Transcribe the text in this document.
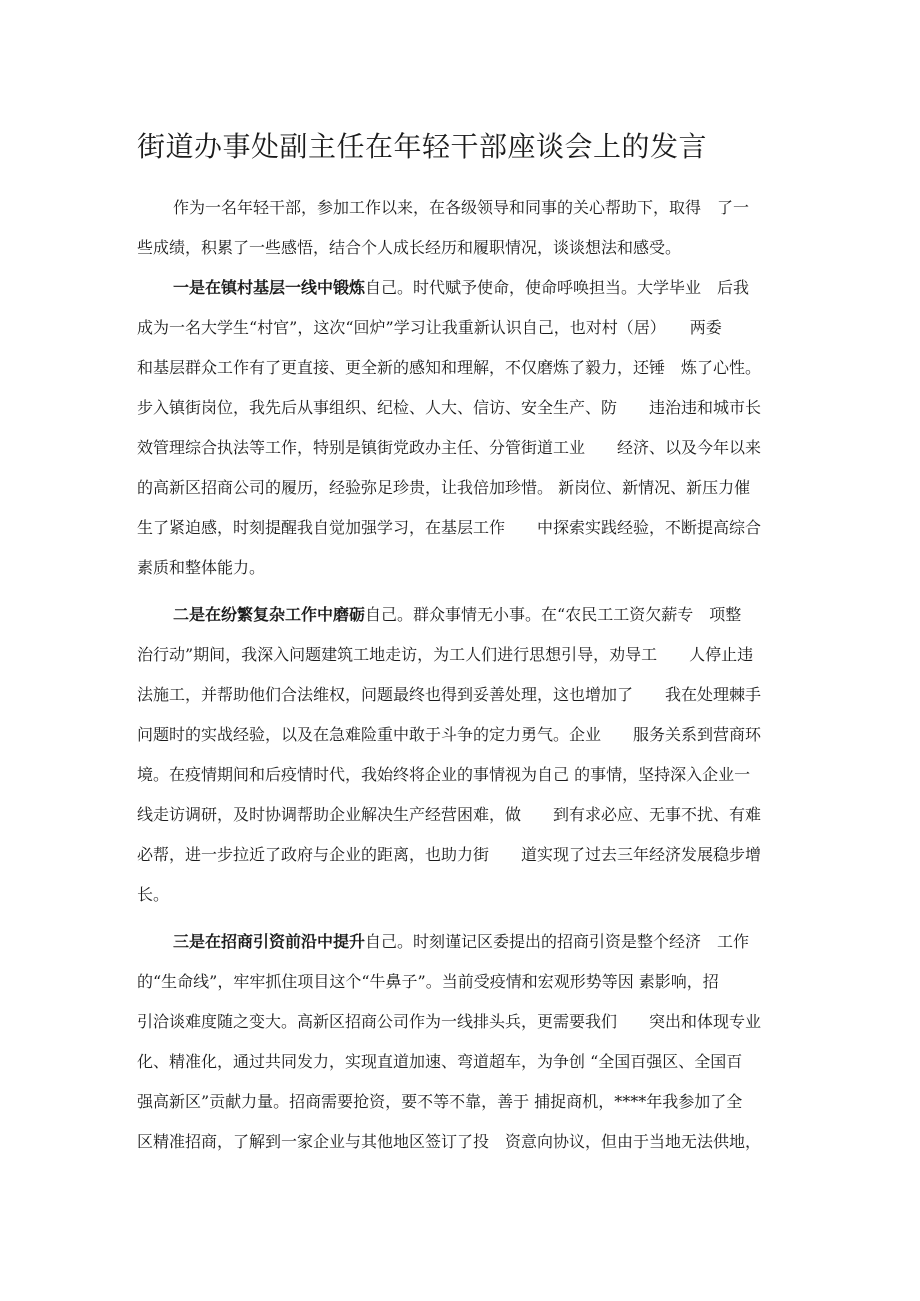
街道办事处副主任在年轻干部座谈会上的发言
作为一名年轻干部，参加工作以来，在各级领导和同事的关心帮助下，取得　了一
些成绩，积累了一些感悟，结合个人成长经历和履职情况，谈谈想法和感受。
一是在镇村基层一线中锻炼 自己。时代赋予使命，使命呼唤担当。大学毕业　后我
成为一名大学生“村官”，这次“回炉”学习让我重新认识自己，也对村（居）　　两委
和基层群众工作有了更直接、更全新的感知和理解，不仅磨炼了毅力，还锤　炼了心性。
步入镇街岗位，我先后从事组织、纪检、人大、信访、安全生产、防　　违治违和城市长
效管理综合执法等工作，特别是镇街党政办主任、分管街道工业　　经济、以及今年以来
的高新区招商公司的履历，经验弥足珍贵，让我倍加珍惜。 新岗位、新情况、新压力催
生了紧迫感，时刻提醒我自觉加强学习，在基层工作　　中探索实践经验，不断提高综合
素质和整体能力。
二是在纷繁复杂工作中磨砺 自己。群众事情无小事。在“农民工工资欠薪专　项整
治行动”期间，我深入问题建筑工地走访，为工人们进行思想引导，劝导工　　人停止违
法施工，并帮助他们合法维权，问题最终也得到妥善处理，这也增加了　　我在处理棘手
问题时的实战经验，以及在急难险重中敢于斗争的定力勇气。企业　　服务关系到营商环
境。在疫情期间和后疫情时代，我始终将企业的事情视为自己 的事情，坚持深入企业一
线走访调研，及时协调帮助企业解决生产经营困难，做　　到有求必应、无事不扰、有难
必帮，进一步拉近了政府与企业的距离，也助力街　　道实现了过去三年经济发展稳步增
长。
三是在招商引资前沿中提升 自己。时刻谨记区委提出的招商引资是整个经济　工作
的“生命线”，牢牢抓住项目这个“牛鼻子”。当前受疫情和宏观形势等因 素影响，招
引洽谈难度随之变大。高新区招商公司作为一线排头兵，更需要我们　　突出和体现专业
化、精准化，通过共同发力，实现直道加速、弯道超车，为争创 “全国百强区、全国百
强高新区”贡献力量。招商需要抢资，要不等不靠，善于 捕捉商机，****年我参加了全
区精准招商，了解到一家企业与其他地区签订了投　资意向协议，但由于当地无法供地，
